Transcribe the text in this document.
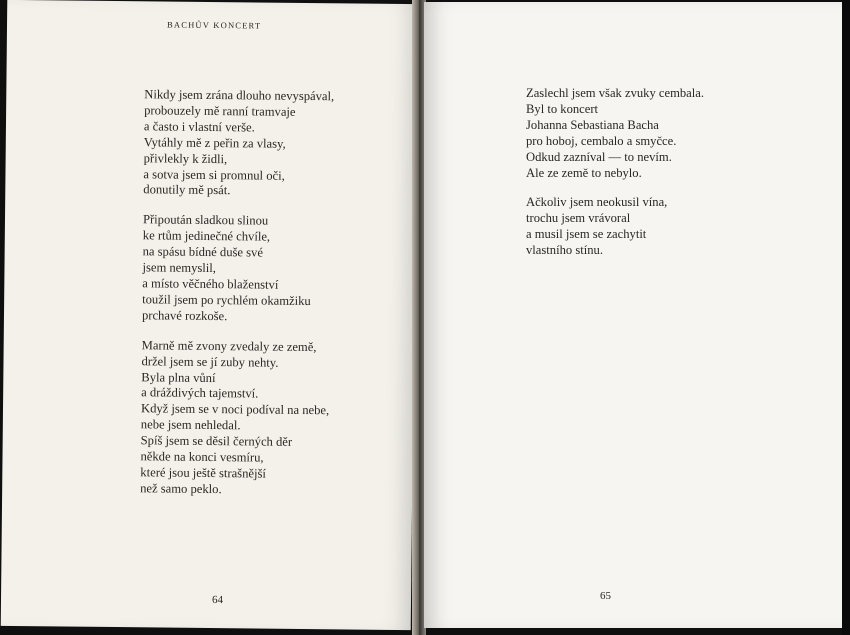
BACHŮV KONCERT
Nikdy jsem zrána dlouho nevyspával,
probouzely mě ranní tramvaje
a často i vlastní verše.
Vytáhly mě z peřin za vlasy,
přivlekly k židli,
a sotva jsem si promnul oči,
donutily mě psát.
Připoután sladkou slinou
ke rtům jedinečné chvíle,
na spásu bídné duše své
jsem nemyslil,
a místo věčného blaženství
toužil jsem po rychlém okamžiku
prchavé rozkoše.
Marně mě zvony zvedaly ze země,
držel jsem se jí zuby nehty.
Byla plna vůní
a dráždivých tajemství.
Když jsem se v noci podíval na nebe,
nebe jsem nehledal.
Spíš jsem se děsil černých děr
někde na konci vesmíru,
které jsou ještě strašnější
než samo peklo.
64
Zaslechl jsem však zvuky cembala.
Byl to koncert
Johanna Sebastiana Bacha
pro hoboj, cembalo a smyčce.
Odkud zazníval — to nevím.
Ale ze země to nebylo.
Ačkoliv jsem neokusil vína,
trochu jsem vrávoral
a musil jsem se zachytit
vlastního stínu.
65
